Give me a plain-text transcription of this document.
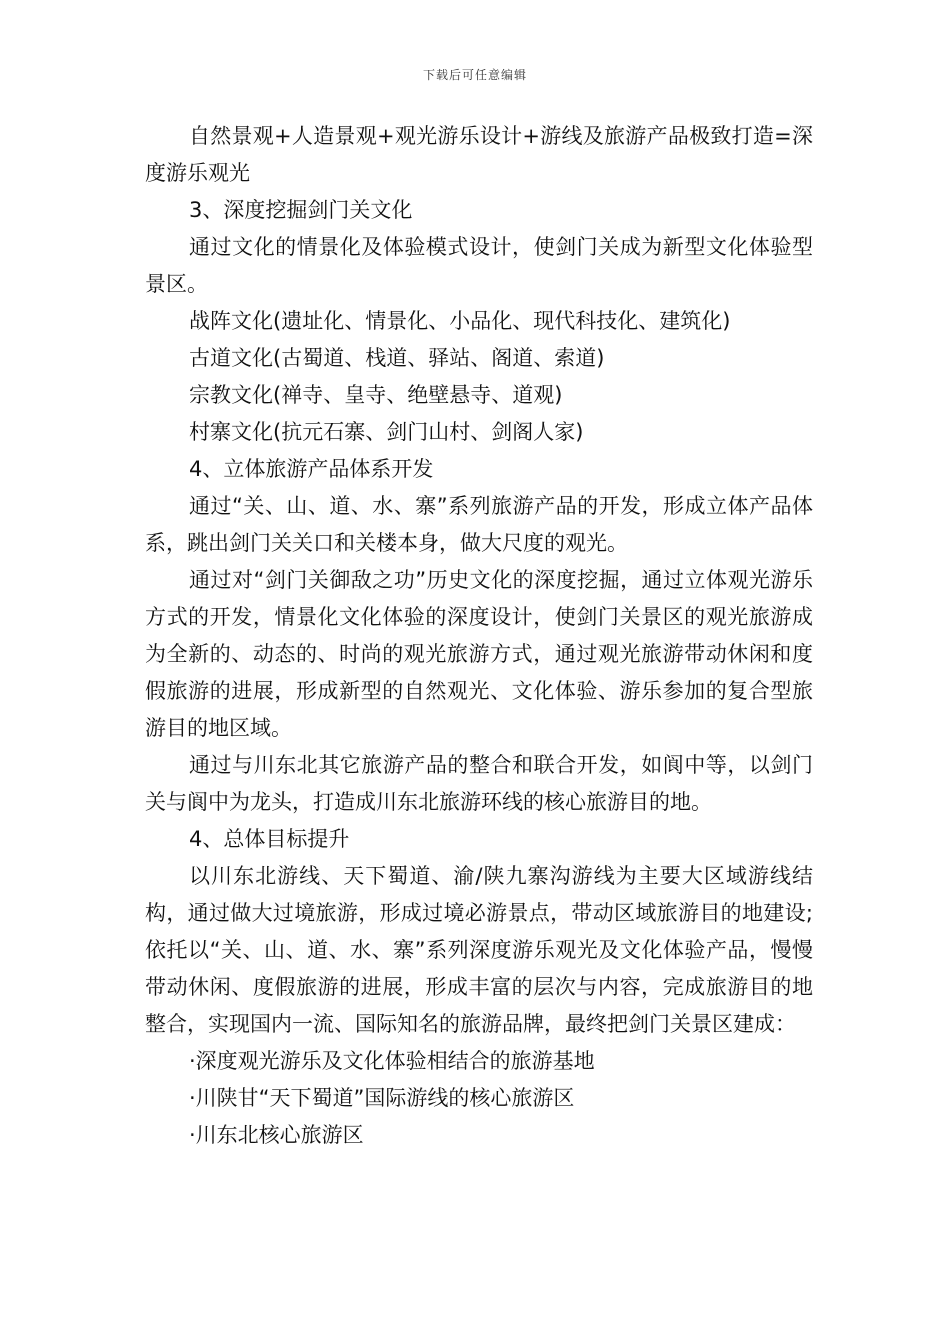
下载后可任意编辑

自然景观+人造景观+观光游乐设计+游线及旅游产品极致打造=深度游乐观光

3、深度挖掘剑门关文化

通过文化的情景化及体验模式设计，使剑门关成为新型文化体验型景区。

战阵文化(遗址化、情景化、小品化、现代科技化、建筑化)

古道文化(古蜀道、栈道、驿站、阁道、索道)

宗教文化(禅寺、皇寺、绝壁悬寺、道观)

村寨文化(抗元石寨、剑门山村、剑阁人家)

4、立体旅游产品体系开发

通过“关、山、道、水、寨”系列旅游产品的开发，形成立体产品体系，跳出剑门关关口和关楼本身，做大尺度的观光。

通过对“剑门关御敌之功”历史文化的深度挖掘，通过立体观光游乐方式的开发，情景化文化体验的深度设计，使剑门关景区的观光旅游成为全新的、动态的、时尚的观光旅游方式，通过观光旅游带动休闲和度假旅游的进展，形成新型的自然观光、文化体验、游乐参加的复合型旅游目的地区域。

通过与川东北其它旅游产品的整合和联合开发，如阆中等，以剑门关与阆中为龙头，打造成川东北旅游环线的核心旅游目的地。

4、总体目标提升

以川东北游线、天下蜀道、渝/陕九寨沟游线为主要大区域游线结构，通过做大过境旅游，形成过境必游景点，带动区域旅游目的地建设;依托以“关、山、道、水、寨”系列深度游乐观光及文化体验产品，慢慢带动休闲、度假旅游的进展，形成丰富的层次与内容，完成旅游目的地整合，实现国内一流、国际知名的旅游品牌，最终把剑门关景区建成：

·深度观光游乐及文化体验相结合的旅游基地

·川陕甘“天下蜀道”国际游线的核心旅游区

·川东北核心旅游区
